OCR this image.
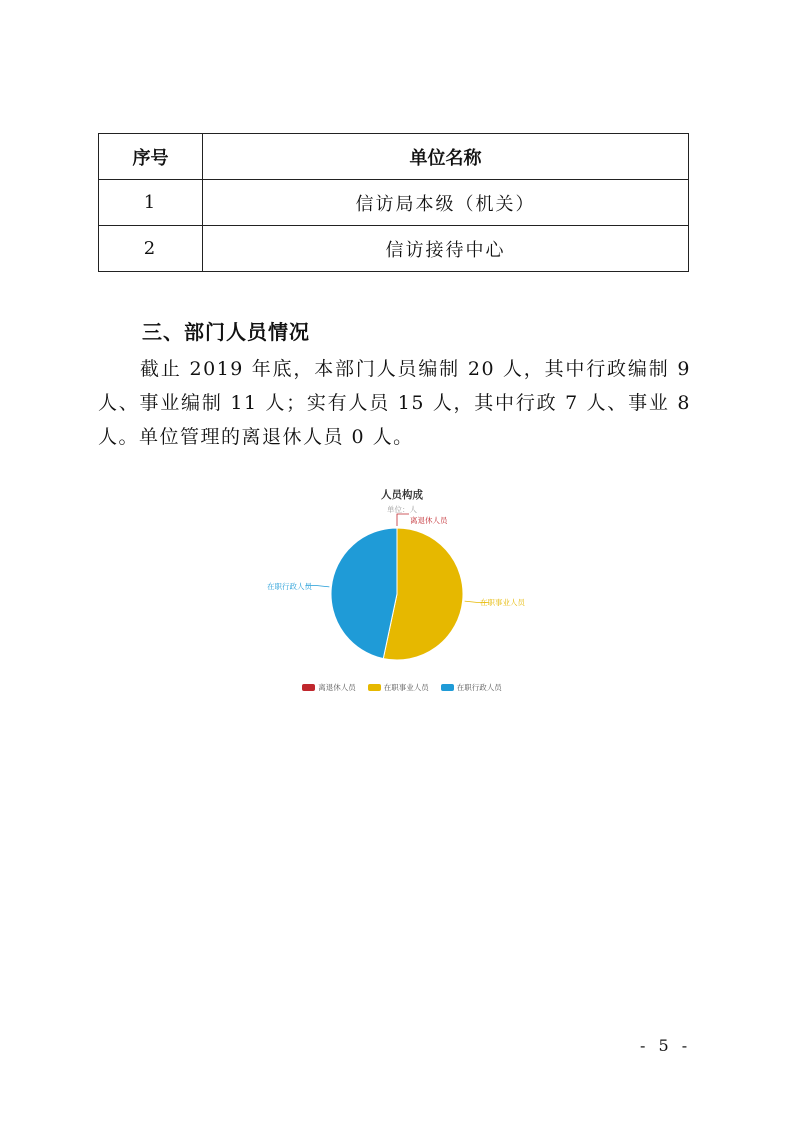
序号	单位名称
1	信访局本级（机关）
2	信访接待中心
三、部门人员情况

截止 2019 年底，本部门人员编制 20 人，其中行政编制 9 人、事业编制 11 人；实有人员 15 人，其中行政 7 人、事业 8 人。单位管理的离退休人员 0 人。

人员构成
单位：人
离退休人员
在职事业人员
在职行政人员
离退休人员	在职事业人员	在职行政人员
- 5 -
